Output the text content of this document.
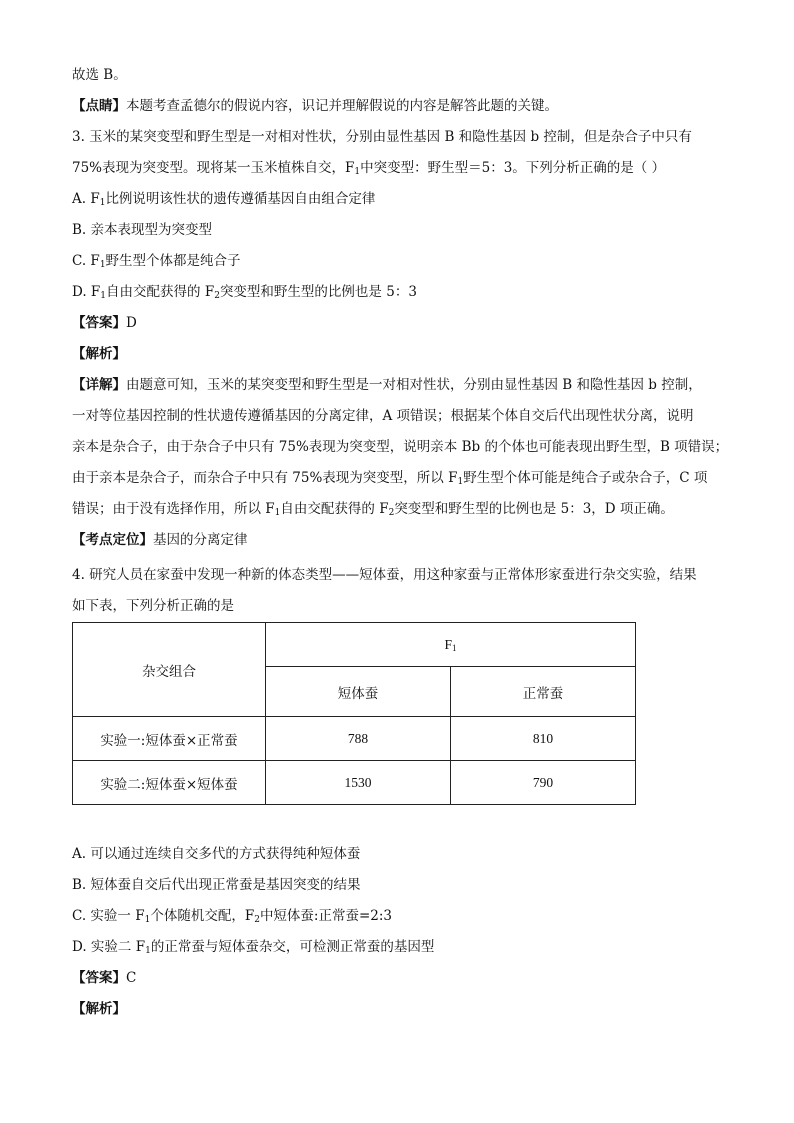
故选 B。
【点睛】本题考查孟德尔的假说内容，识记并理解假说的内容是解答此题的关键。
3. 玉米的某突变型和野生型是一对相对性状，分别由显性基因 B 和隐性基因 b 控制，但是杂合子中只有
75%表现为突变型。现将某一玉米植株自交，$F_1$中突变型：野生型＝5：3。下列分析正确的是（ ）
A. $F_1$比例说明该性状的遗传遵循基因自由组合定律
B. 亲本表现型为突变型
C. $F_1$野生型个体都是纯合子
D. $F_1$自由交配获得的 $F_2$突变型和野生型的比例也是 5：3
【答案】D
【解析】
【详解】由题意可知，玉米的某突变型和野生型是一对相对性状，分别由显性基因 B 和隐性基因 b 控制，
一对等位基因控制的性状遗传遵循基因的分离定律，A 项错误；根据某个体自交后代出现性状分离，说明
亲本是杂合子，由于杂合子中只有 75%表现为突变型，说明亲本 Bb 的个体也可能表现出野生型，B 项错误；
由于亲本是杂合子，而杂合子中只有 75%表现为突变型，所以 $F_1$野生型个体可能是纯合子或杂合子，C 项
错误；由于没有选择作用，所以 $F_1$自由交配获得的 $F_2$突变型和野生型的比例也是 5：3，D 项正确。
【考点定位】基因的分离定律
4. 研究人员在家蚕中发现一种新的体态类型——短体蚕，用这种家蚕与正常体形家蚕进行杂交实验，结果
如下表，下列分析正确的是
杂交组合	$F_1$
	短体蚕	正常蚕
实验一:短体蚕×正常蚕	788	810
实验二:短体蚕×短体蚕	1530	790
A. 可以通过连续自交多代的方式获得纯种短体蚕
B. 短体蚕自交后代出现正常蚕是基因突变的结果
C. 实验一 $F_1$个体随机交配，$F_2$中短体蚕:正常蚕=2:3
D. 实验二 $F_1$的正常蚕与短体蚕杂交，可检测正常蚕的基因型
【答案】C
【解析】
